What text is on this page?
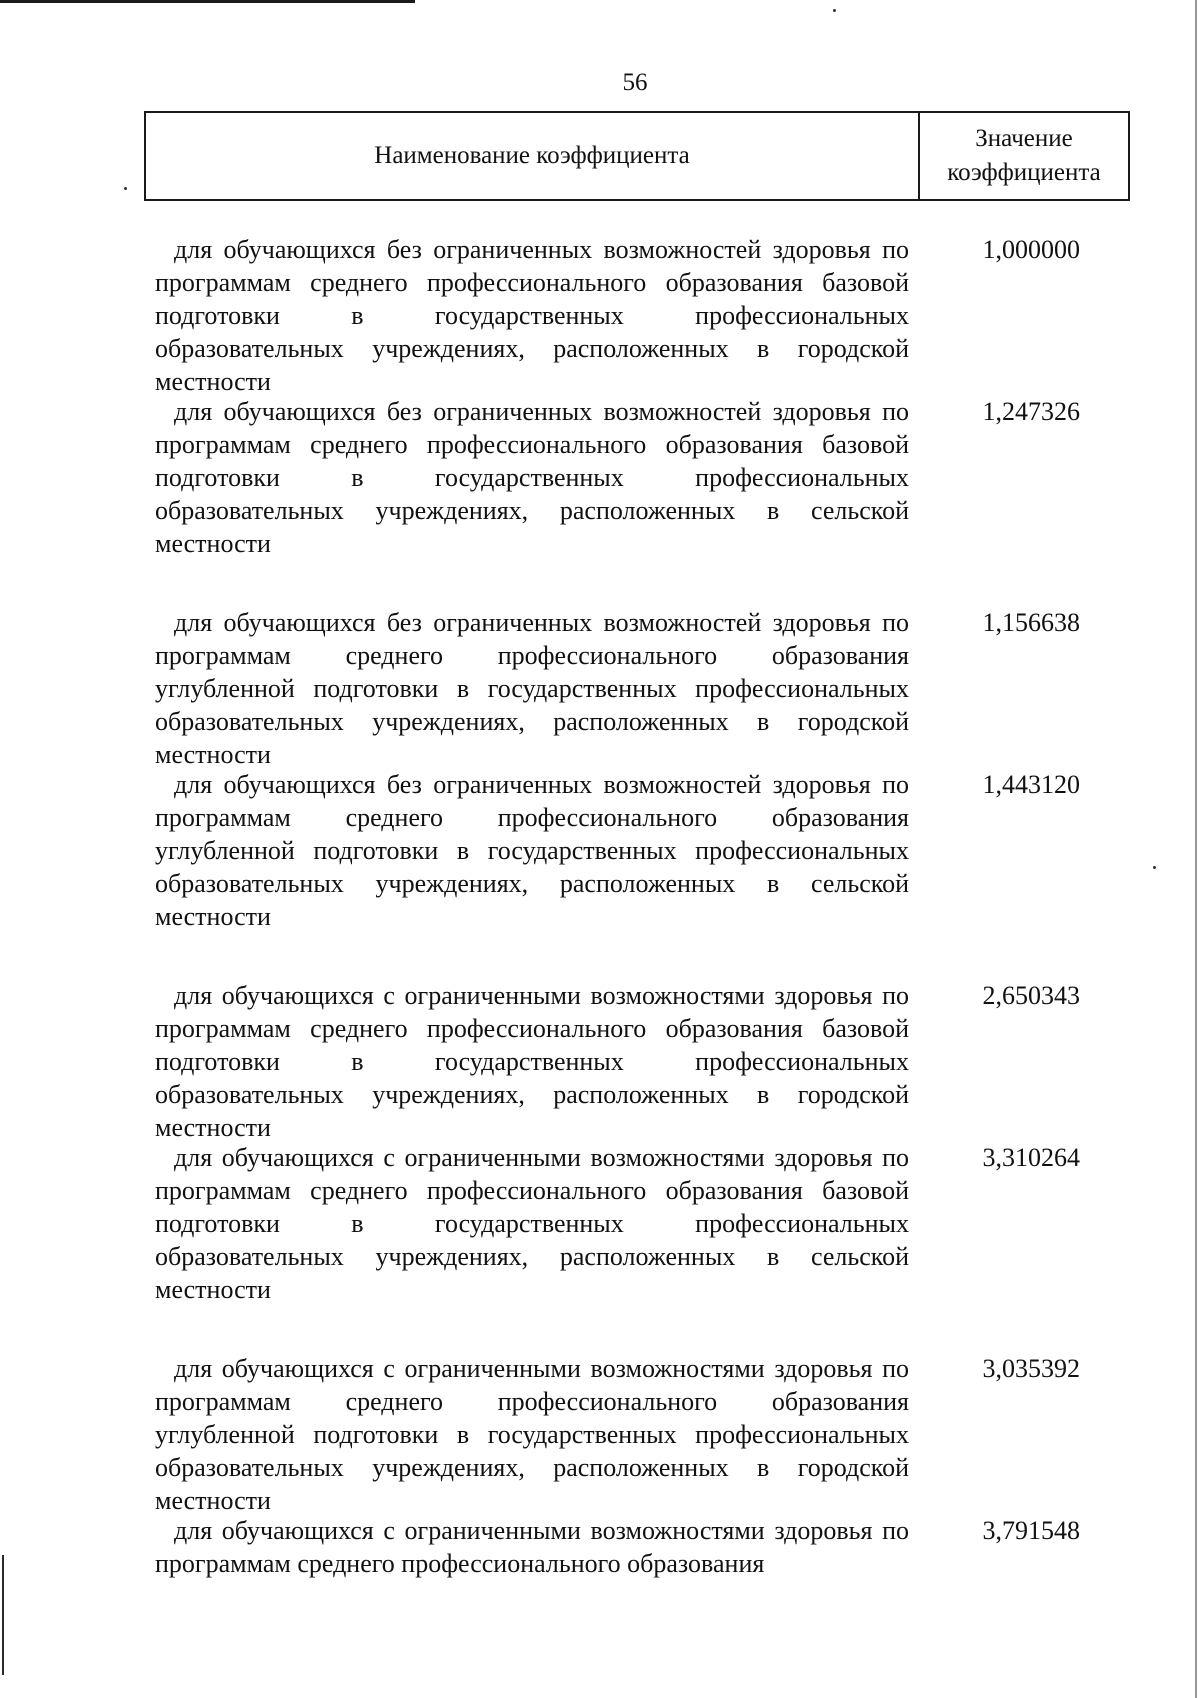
56
Наименование коэффициента
Значение
коэффициента
для обучающихся без ограниченных возможностей здоровья по программам среднего профессионального образования базовой подготовки в государственных профессиональных образовательных учреждениях, расположенных в городской местности
1,000000
для обучающихся без ограниченных возможностей здоровья по программам среднего профессионального образования базовой подготовки в государственных профессиональных образовательных учреждениях, расположенных в сельской местности
1,247326
для обучающихся без ограниченных возможностей здоровья по программам среднего профессионального образования углубленной подготовки в государственных профессиональных образовательных учреждениях, расположенных в городской местности
1,156638
для обучающихся без ограниченных возможностей здоровья по программам среднего профессионального образования углубленной подготовки в государственных профессиональных образовательных учреждениях, расположенных в сельской местности
1,443120
для обучающихся с ограниченными возможностями здоровья по программам среднего профессионального образования базовой подготовки в государственных профессиональных образовательных учреждениях, расположенных в городской местности
2,650343
для обучающихся с ограниченными возможностями здоровья по программам среднего профессионального образования базовой подготовки в государственных профессиональных образовательных учреждениях, расположенных в сельской местности
3,310264
для обучающихся с ограниченными возможностями здоровья по программам среднего профессионального образования углубленной подготовки в государственных профессиональных образовательных учреждениях, расположенных в городской местности
3,035392
для обучающихся с ограниченными возможностями здоровья по программам среднего профессионального образования
3,791548
